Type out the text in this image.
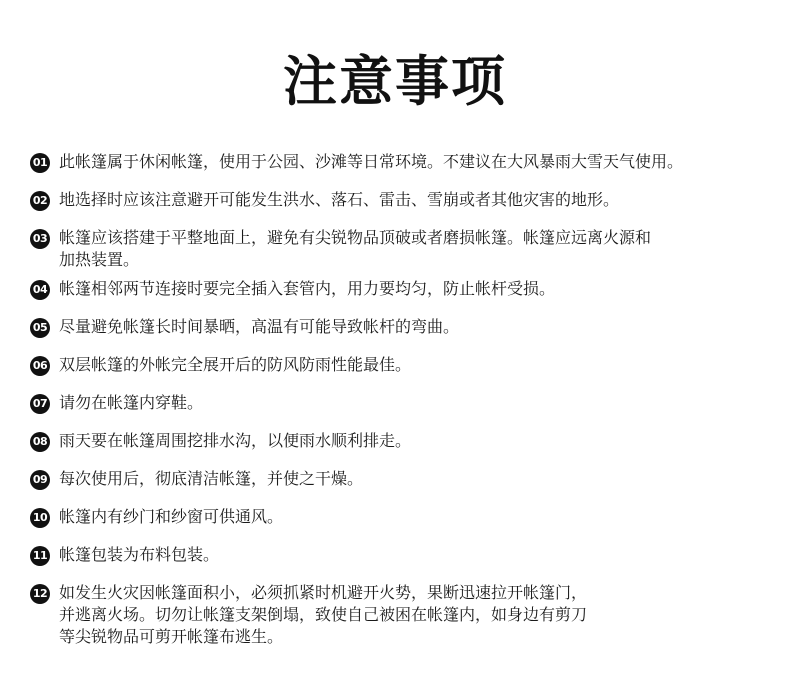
注意事项
01 此帐篷属于休闲帐篷，使用于公园、沙滩等日常环境。不建议在大风暴雨大雪天气使用。
02 地选择时应该注意避开可能发生洪水、落石、雷击、雪崩或者其他灾害的地形。
03 帐篷应该搭建于平整地面上，避免有尖锐物品顶破或者磨损帐篷。帐篷应远离火源和
加热装置。
04 帐篷相邻两节连接时要完全插入套管内，用力要均匀，防止帐杆受损。
05 尽量避免帐篷长时间暴晒，高温有可能导致帐杆的弯曲。
06 双层帐篷的外帐完全展开后的防风防雨性能最佳。
07 请勿在帐篷内穿鞋。
08 雨天要在帐篷周围挖排水沟，以便雨水顺利排走。
09 每次使用后，彻底清洁帐篷，并使之干燥。
10 帐篷内有纱门和纱窗可供通风。
11 帐篷包装为布料包装。
12 如发生火灾因帐篷面积小，必须抓紧时机避开火势，果断迅速拉开帐篷门，
并逃离火场。切勿让帐篷支架倒塌，致使自己被困在帐篷内，如身边有剪刀
等尖锐物品可剪开帐篷布逃生。
